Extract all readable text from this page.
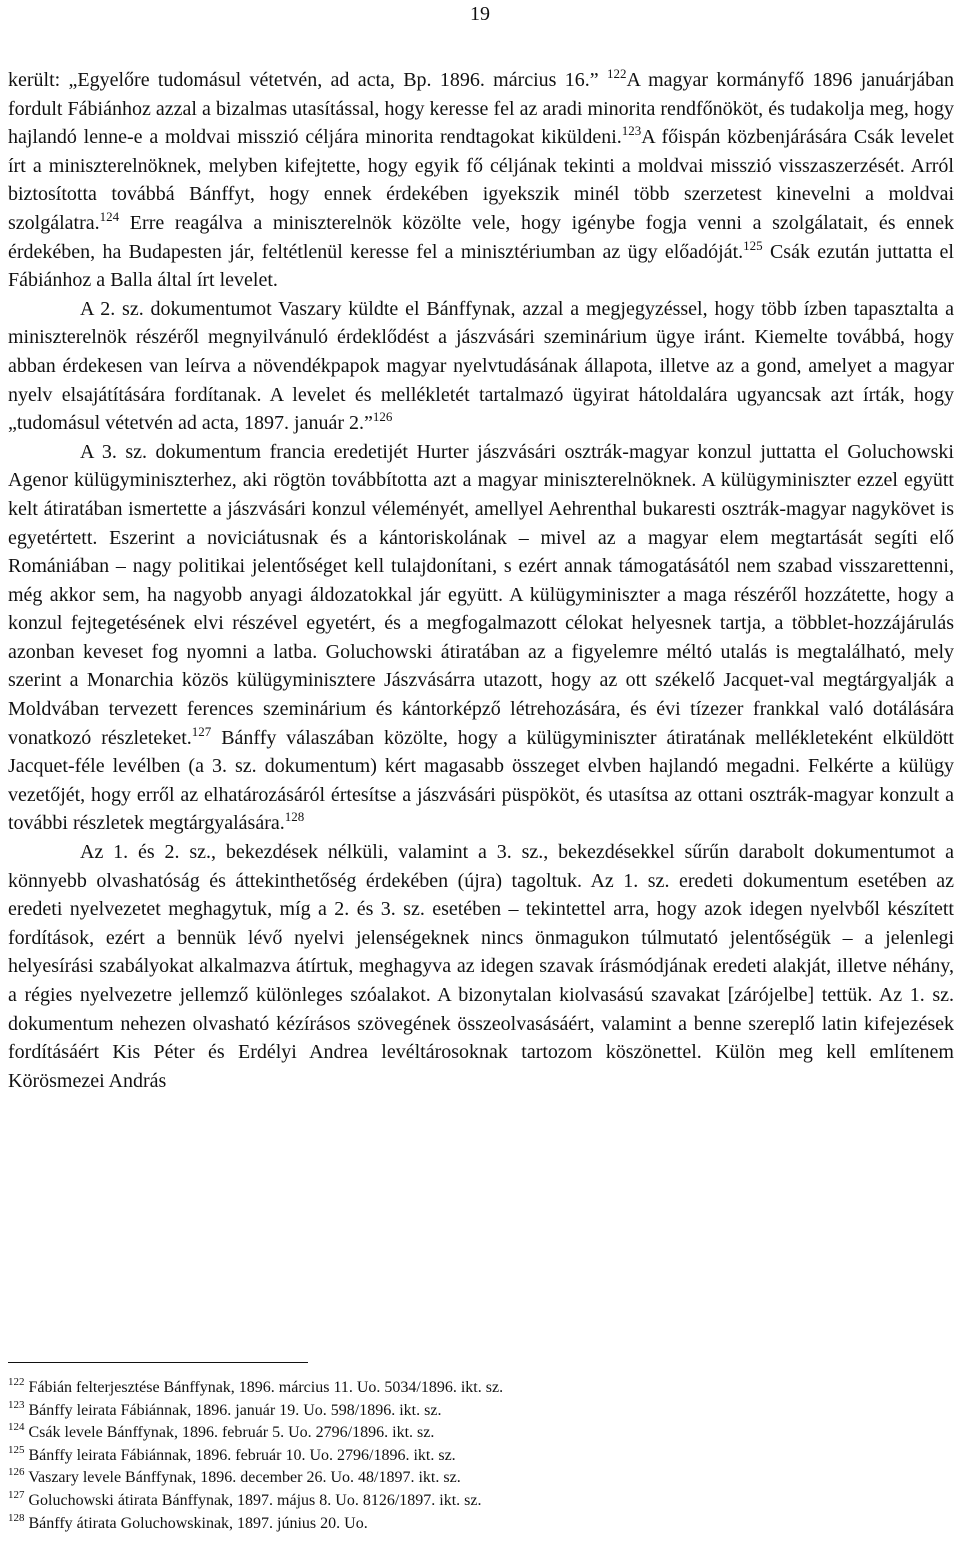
19

került: „Egyelőre tudomásul vétetvén, ad acta, Bp. 1896. március 16.” $^{122}$A magyar kormányfő 1896 januárjában fordult Fábiánhoz azzal a bizalmas utasítással, hogy keresse fel az aradi minorita rendfőnököt, és tudakolja meg, hogy hajlandó lenne-e a moldvai misszió céljára minorita rendtagokat kiküldeni.$^{123}$A főispán közbenjárására Csák levelet írt a miniszterelnöknek, melyben kifejtette, hogy egyik fő céljának tekinti a moldvai misszió visszaszerzését. Arról biztosította továbbá Bánffyt, hogy ennek érdekében igyekszik minél több szerzetest kinevelni a moldvai szolgálatra.$^{124}$ Erre reagálva a miniszterelnök közölte vele, hogy igénybe fogja venni a szolgálatait, és ennek érdekében, ha Budapesten jár, feltétlenül keresse fel a minisztériumban az ügy előadóját.$^{125}$ Csák ezután juttatta el Fábiánhoz a Balla által írt levelet.

A 2. sz. dokumentumot Vaszary küldte el Bánffynak, azzal a megjegyzéssel, hogy több ízben tapasztalta a miniszterelnök részéről megnyilvánuló érdeklődést a jászvásári szeminárium ügye iránt. Kiemelte továbbá, hogy abban érdekesen van leírva a növendékpapok magyar nyelvtudásának állapota, illetve az a gond, amelyet a magyar nyelv elsajátítására fordítanak. A levelet és mellékletét tartalmazó ügyirat hátoldalára ugyancsak azt írták, hogy „tudomásul vétetvén ad acta, 1897. január 2.”$^{126}$

A 3. sz. dokumentum francia eredetijét Hurter jászvásári osztrák-magyar konzul juttatta el Goluchowski Agenor külügyminiszterhez, aki rögtön továbbította azt a magyar miniszterelnöknek. A külügyminiszter ezzel együtt kelt átiratában ismertette a jászvásári konzul véleményét, amellyel Aehrenthal bukaresti osztrák-magyar nagykövet is egyetértett. Eszerint a noviciátusnak és a kántoriskolának – mivel az a magyar elem megtartását segíti elő Romániában – nagy politikai jelentőséget kell tulajdonítani, s ezért annak támogatásától nem szabad visszarettenni, még akkor sem, ha nagyobb anyagi áldozatokkal jár együtt. A külügyminiszter a maga részéről hozzátette, hogy a konzul fejtegetésének elvi részével egyetért, és a megfogalmazott célokat helyesnek tartja, a többlet-hozzájárulás azonban keveset fog nyomni a latba. Goluchowski átiratában az a figyelemre méltó utalás is megtalálható, mely szerint a Monarchia közös külügyminisztere Jászvásárra utazott, hogy az ott székelő Jacquet-val megtárgyalják a Moldvában tervezett ferences szeminárium és kántorképző létrehozására, és évi tízezer frankkal való dotálására vonatkozó részleteket.$^{127}$ Bánffy válaszában közölte, hogy a külügyminiszter átiratának mellékleteként elküldött Jacquet-féle levélben (a 3. sz. dokumentum) kért magasabb összeget elvben hajlandó megadni. Felkérte a külügy vezetőjét, hogy erről az elhatározásáról értesítse a jászvásári püspököt, és utasítsa az ottani osztrák-magyar konzult a további részletek megtárgyalására.$^{128}$

Az 1. és 2. sz., bekezdések nélküli, valamint a 3. sz., bekezdésekkel sűrűn darabolt dokumentumot a könnyebb olvashatóság és áttekinthetőség érdekében (újra) tagoltuk. Az 1. sz. eredeti dokumentum esetében az eredeti nyelvezetet meghagytuk, míg a 2. és 3. sz. esetében – tekintettel arra, hogy azok idegen nyelvből készített fordítások, ezért a bennük lévő nyelvi jelenségeknek nincs önmagukon túlmutató jelentőségük – a jelenlegi helyesírási szabályokat alkalmazva átírtuk, meghagyva az idegen szavak írásmódjának eredeti alakját, illetve néhány, a régies nyelvezetre jellemző különleges szóalakot. A bizonytalan kiolvasású szavakat [zárójelbe] tettük. Az 1. sz. dokumentum nehezen olvasható kézírásos szövegének összeolvasásáért, valamint a benne szereplő latin kifejezések fordításáért Kis Péter és Erdélyi Andrea levéltárosoknak tartozom köszönettel. Külön meg kell említenem Körösmezei András

$^{122}$ Fábián felterjesztése Bánffynak, 1896. március 11. Uo. 5034/1896. ikt. sz.

$^{123}$ Bánffy leirata Fábiánnak, 1896. január 19. Uo. 598/1896. ikt. sz.

$^{124}$ Csák levele Bánffynak, 1896. február 5. Uo. 2796/1896. ikt. sz.

$^{125}$ Bánffy leirata Fábiánnak, 1896. február 10. Uo. 2796/1896. ikt. sz.

$^{126}$ Vaszary levele Bánffynak, 1896. december 26. Uo. 48/1897. ikt. sz.

$^{127}$ Goluchowski átirata Bánffynak, 1897. május 8. Uo. 8126/1897. ikt. sz.

$^{128}$ Bánffy átirata Goluchowskinak, 1897. június 20. Uo.
